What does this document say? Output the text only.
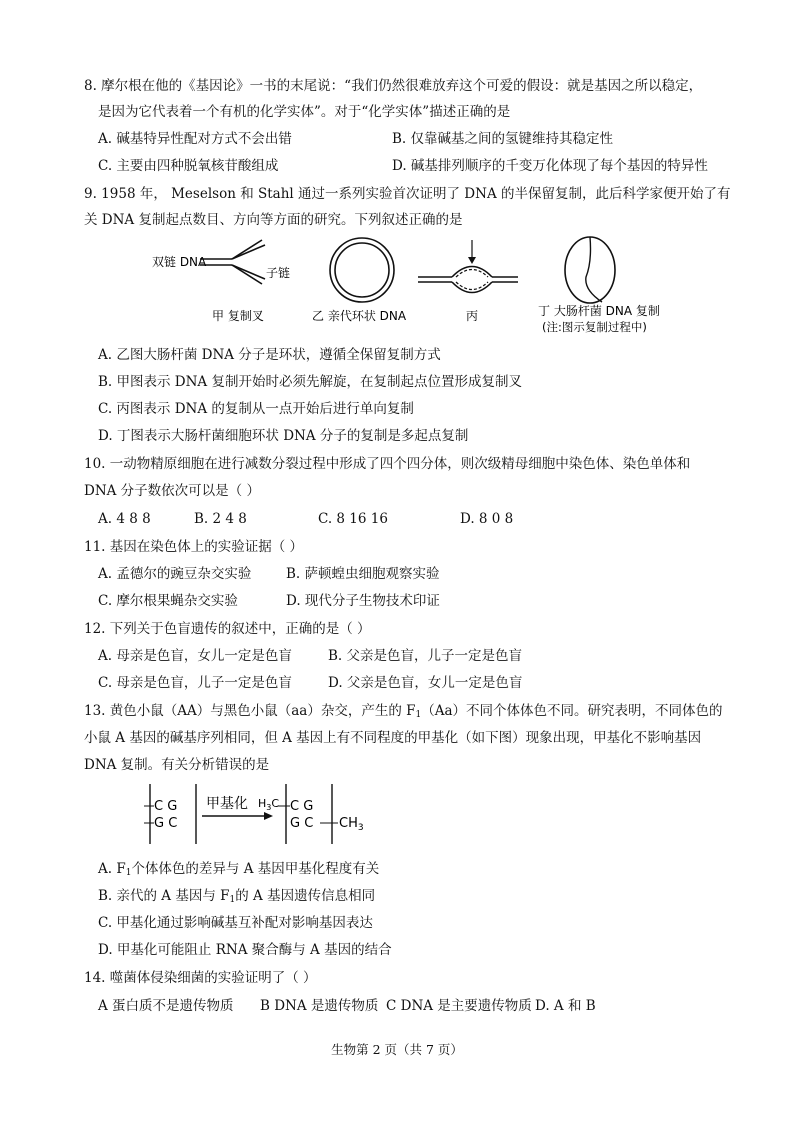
8. 摩尔根在他的《基因论》一书的末尾说：“我们仍然很难放弃这个可爱的假设：就是基因之所以稳定，
是因为它代表着一个有机的化学实体”。对于“化学实体”描述正确的是
A. 碱基特异性配对方式不会出错	B. 仅靠碱基之间的氢键维持其稳定性
C. 主要由四种脱氧核苷酸组成	D. 碱基排列顺序的千变万化体现了每个基因的特异性
9. 1958 年， Meselson 和 Stahl 通过一系列实验首次证明了 DNA 的半保留复制，此后科学家便开始了有
关 DNA 复制起点数目、方向等方面的研究。下列叙述正确的是
双链 DNA
子链
甲 复制叉	乙 亲代环状 DNA	丙	丁 大肠杆菌 DNA 复制
(注:图示复制过程中)
A. 乙图大肠杆菌 DNA 分子是环状，遵循全保留复制方式
B. 甲图表示 DNA 复制开始时必须先解旋，在复制起点位置形成复制叉
C. 丙图表示 DNA 的复制从一点开始后进行单向复制
D. 丁图表示大肠杆菌细胞环状 DNA 分子的复制是多起点复制
10. 一动物精原细胞在进行减数分裂过程中形成了四个四分体，则次级精母细胞中染色体、染色单体和
DNA 分子数依次可以是（ ）
A. 4 8 8	B. 2 4 8	C. 8 16 16	D. 8 0 8
11. 基因在染色体上的实验证据（ ）
A. 孟德尔的豌豆杂交实验	B. 萨顿蝗虫细胞观察实验
C. 摩尔根果蝇杂交实验	D. 现代分子生物技术印证
12. 下列关于色盲遗传的叙述中，正确的是（ ）
A. 母亲是色盲，女儿一定是色盲	B. 父亲是色盲，儿子一定是色盲
C. 母亲是色盲，儿子一定是色盲	D. 父亲是色盲，女儿一定是色盲
13. 黄色小鼠（AA）与黑色小鼠（aa）杂交，产生的 $F_1(Aa)$不同个体体色不同。研究表明，不同体色的
小鼠 A 基因的碱基序列相同，但 A 基因上有不同程度的甲基化（如下图）现象出现，甲基化不影响基因
DNA 复制。有关分析错误的是
C G
G C
甲基化 $H_3C$ C G
G C $CH_3$
A. $F_1$个体体色的差异与 A 基因甲基化程度有关
B. 亲代的 A 基因与 $F_1$的 A 基因遗传信息相同
C. 甲基化通过影响碱基互补配对影响基因表达
D. 甲基化可能阻止 RNA 聚合酶与 A 基因的结合
14. 噬菌体侵染细菌的实验证明了（ ）
A 蛋白质不是遗传物质 B DNA 是遗传物质 C DNA 是主要遗传物质 D. A 和 B
生物第 2 页（共 7 页）
